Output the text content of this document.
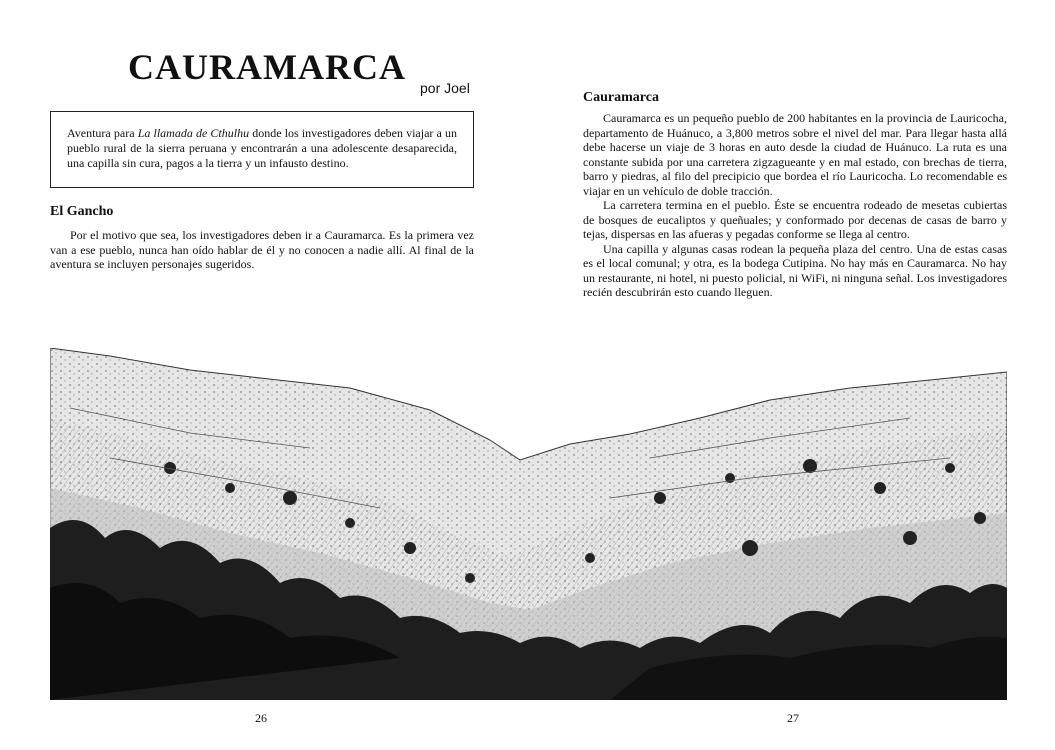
CAURAMARCA
por Joel
Aventura para La llamada de Cthulhu donde los investigadores deben viajar a un pueblo rural de la sierra peruana y encontrarán a una adolescente desaparecida, una capilla sin cura, pagos a la tierra y un infausto destino.
El Gancho

Por el motivo que sea, los investigadores deben ir a Cauramarca. Es la primera vez van a ese pueblo, nunca han oído hablar de él y no conocen a nadie allí. Al final de la aventura se incluyen personajes sugeridos.

Cauramarca

Cauramarca es un pequeño pueblo de 200 habitantes en la provincia de Lauricocha, departamento de Huánuco, a 3,800 metros sobre el nivel del mar. Para llegar hasta allá debe hacerse un viaje de 3 horas en auto desde la ciudad de Huánuco. La ruta es una constante subida por una carretera zigzagueante y en mal estado, con brechas de tierra, barro y piedras, al filo del precipicio que bordea el río Lauricocha. Lo recomendable es viajar en un vehículo de doble tracción.

La carretera termina en el pueblo. Éste se encuentra rodeado de mesetas cubiertas de bosques de eucaliptos y queñuales; y conformado por decenas de casas de barro y tejas, dispersas en las afueras y pegadas conforme se llega al centro.

Una capilla y algunas casas rodean la pequeña plaza del centro. Una de estas casas es el local comunal; y otra, es la bodega Cutipina. No hay más en Cauramarca. No hay un restaurante, ni hotel, ni puesto policial, ni WiFi, ni ninguna señal. Los investigadores recién descubrirán esto cuando lleguen.

26	27
